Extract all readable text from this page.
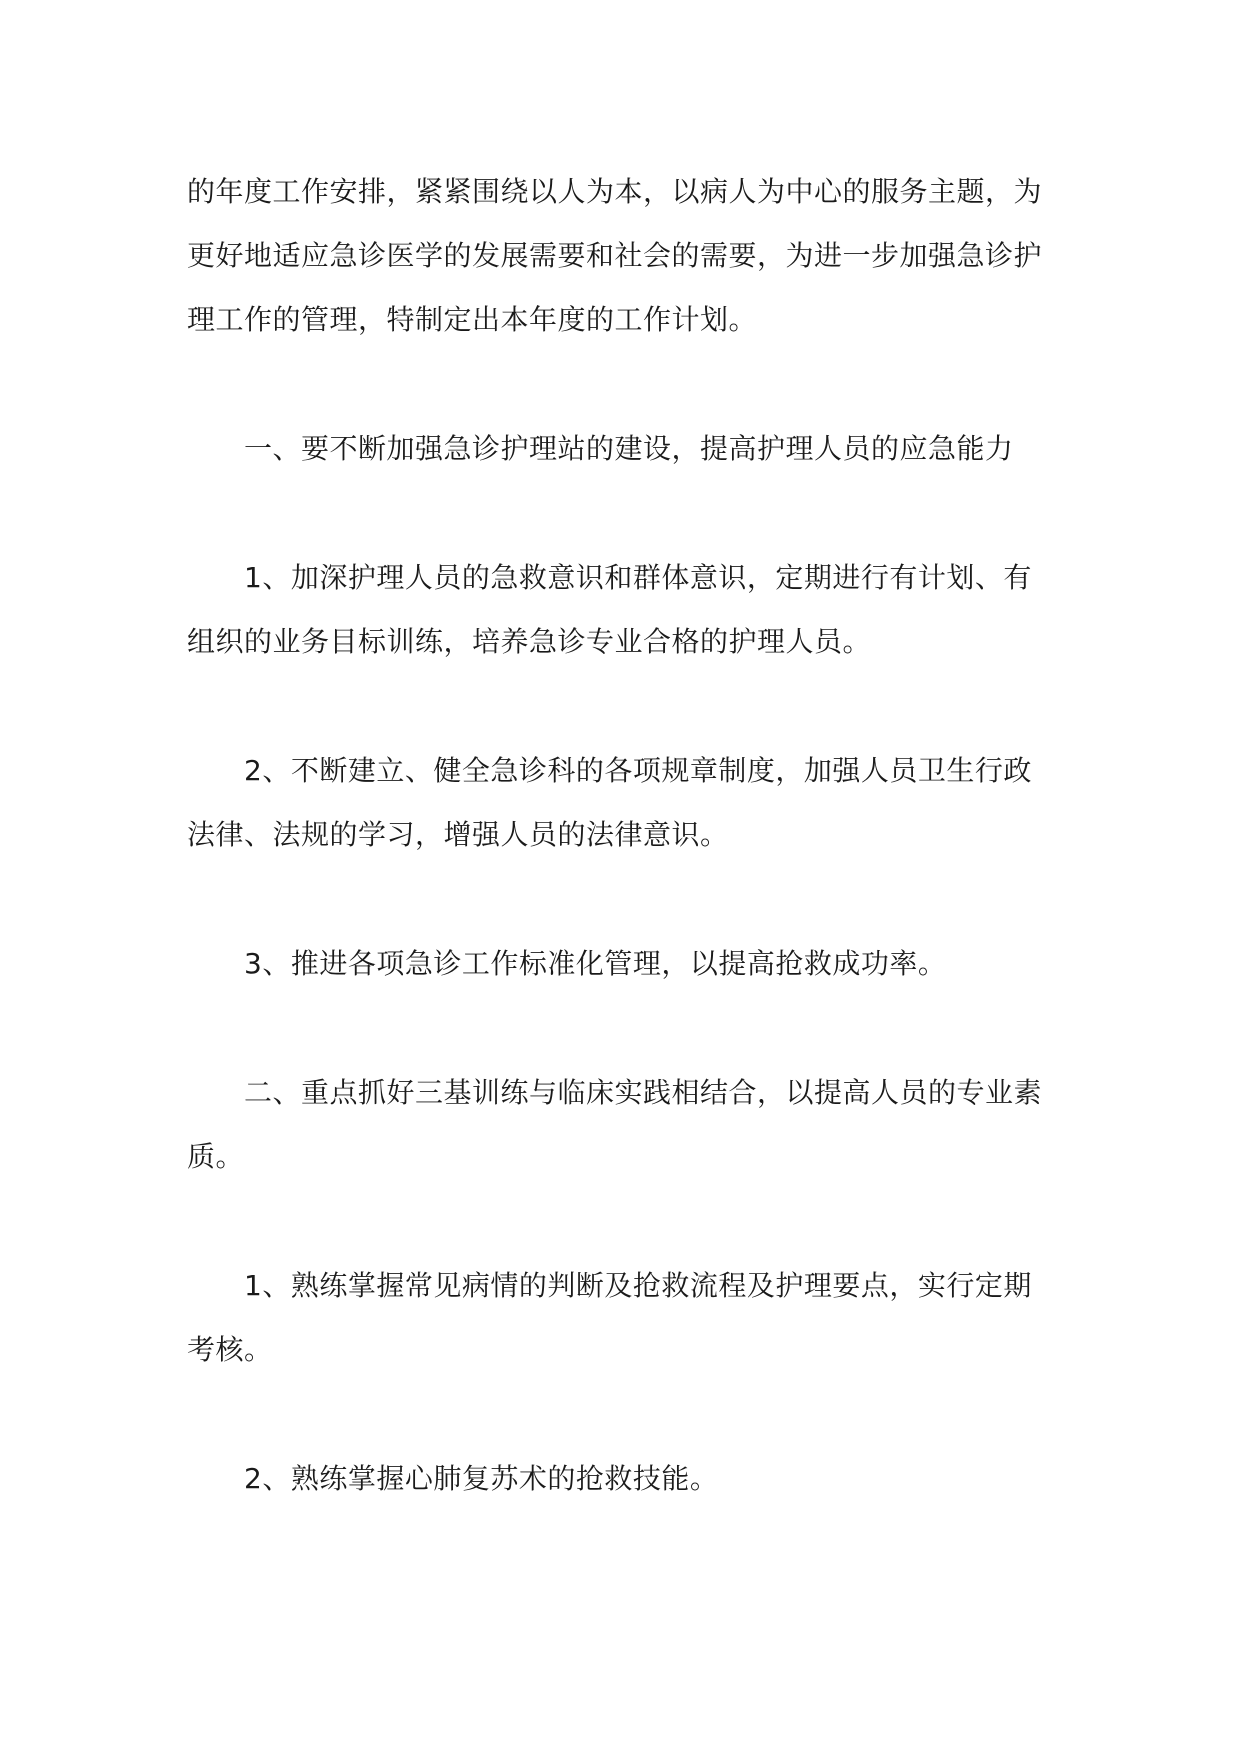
的年度工作安排，紧紧围绕以人为本，以病人为中心的服务主题，为更好地适应急诊医学的发展需要和社会的需要，为进一步加强急诊护理工作的管理，特制定出本年度的工作计划。

一、要不断加强急诊护理站的建设，提高护理人员的应急能力

1、加深护理人员的急救意识和群体意识，定期进行有计划、有组织的业务目标训练，培养急诊专业合格的护理人员。

2、不断建立、健全急诊科的各项规章制度，加强人员卫生行政法律、法规的学习，增强人员的法律意识。

3、推进各项急诊工作标准化管理，以提高抢救成功率。

二、重点抓好三基训练与临床实践相结合，以提高人员的专业素质。

1、熟练掌握常见病情的判断及抢救流程及护理要点，实行定期考核。

2、熟练掌握心肺复苏术的抢救技能。
